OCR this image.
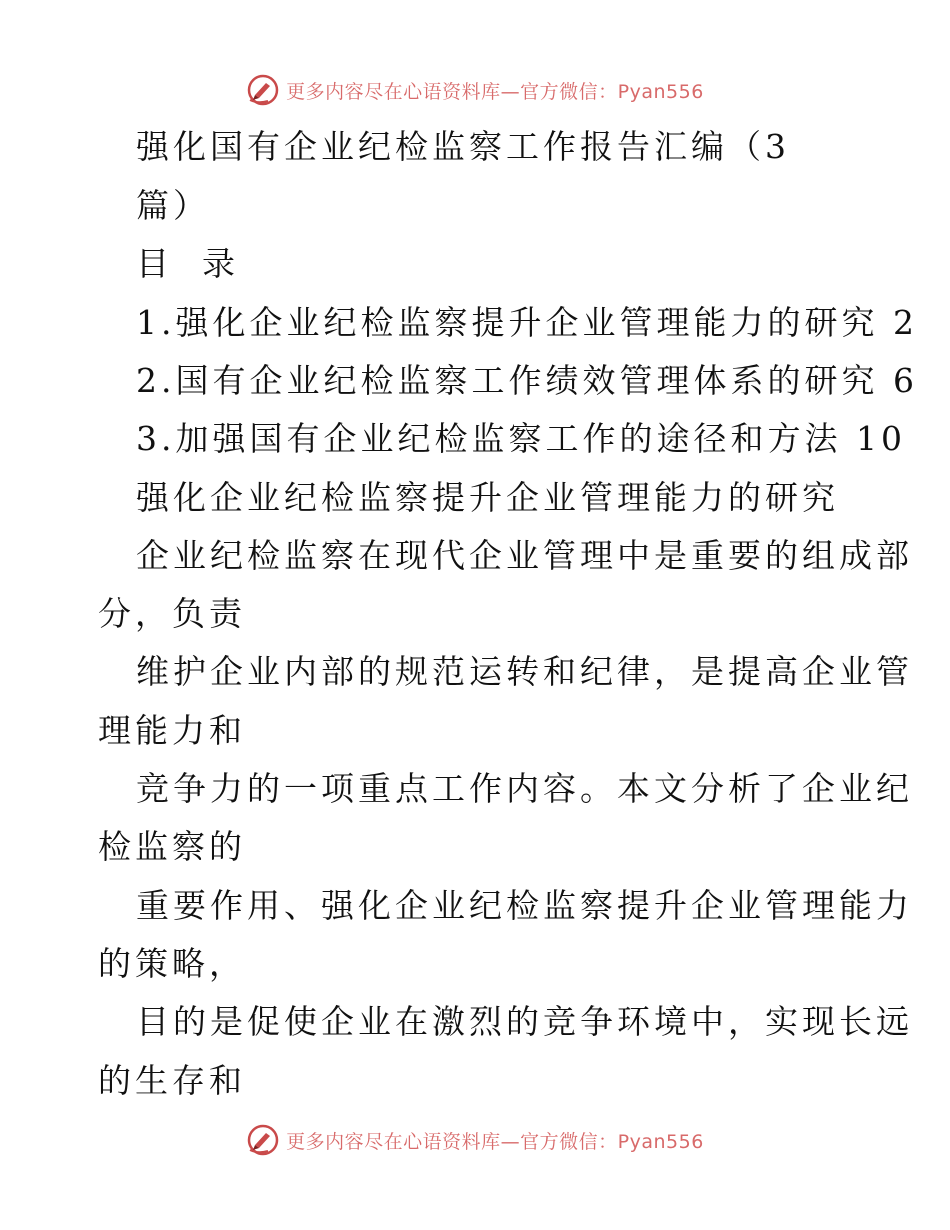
更多内容尽在心语资料库—官方微信：Pyan556
强化国有企业纪检监察工作报告汇编（3
篇）
目  录
1.强化企业纪检监察提升企业管理能力的研究 2
2.国有企业纪检监察工作绩效管理体系的研究 6
3.加强国有企业纪检监察工作的途径和方法 10
强化企业纪检监察提升企业管理能力的研究
企业纪检监察在现代企业管理中是重要的组成部
分，负责
维护企业内部的规范运转和纪律，是提高企业管
理能力和
竞争力的一项重点工作内容。本文分析了企业纪
检监察的
重要作用、强化企业纪检监察提升企业管理能力
的策略，
目的是促使企业在激烈的竞争环境中，实现长远
的生存和
更多内容尽在心语资料库—官方微信：Pyan556
